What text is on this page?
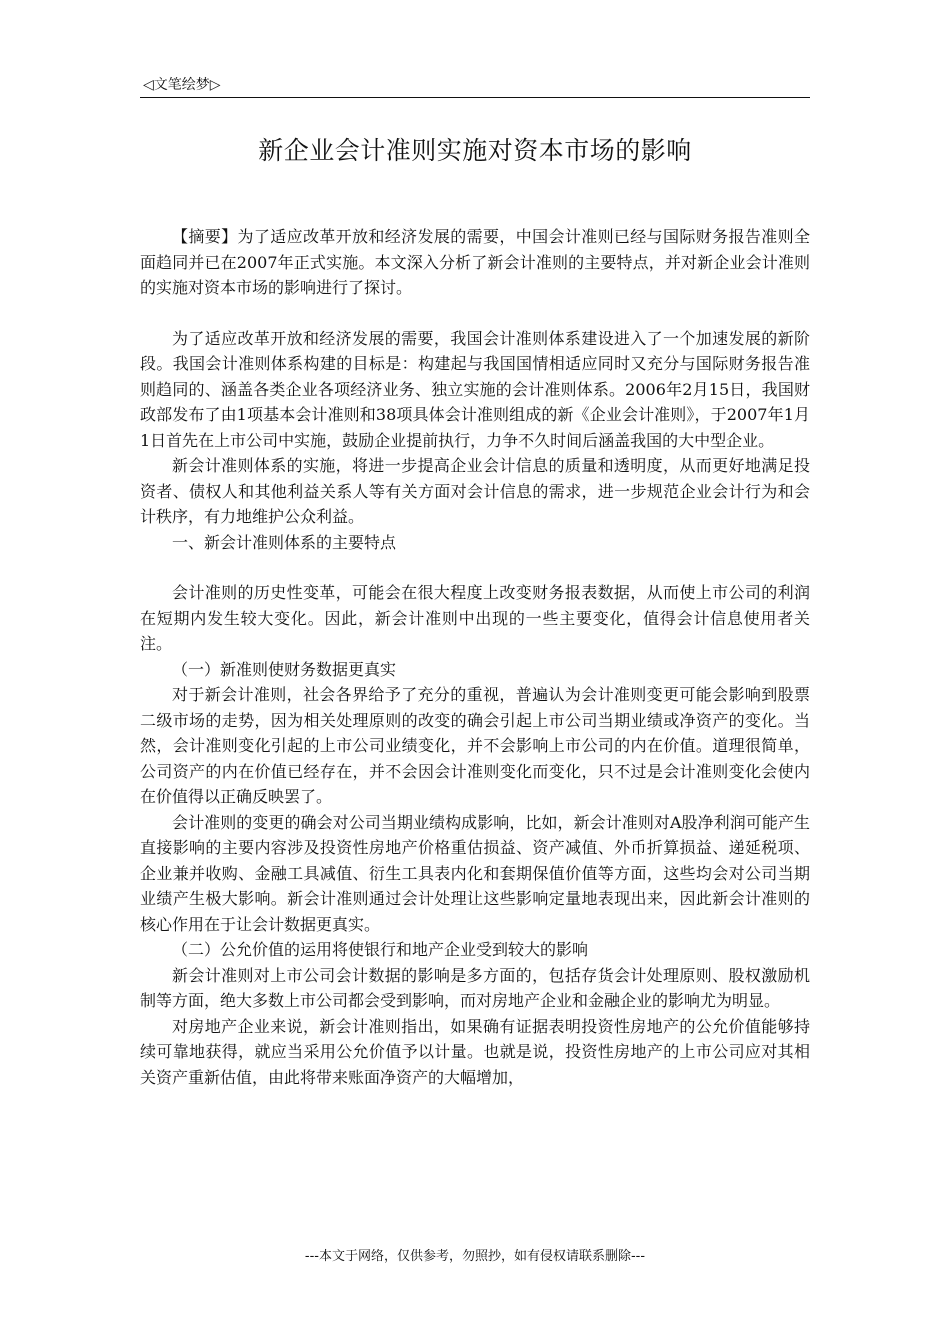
◁文笔绘梦▷
新企业会计准则实施对资本市场的影响

【摘要】为了适应改革开放和经济发展的需要，中国会计准则已经与国际财务报告准则全面趋同并已在2007年正式实施。本文深入分析了新会计准则的主要特点，并对新企业会计准则的实施对资本市场的影响进行了探讨。

为了适应改革开放和经济发展的需要，我国会计准则体系建设进入了一个加速发展的新阶段。我国会计准则体系构建的目标是：构建起与我国国情相适应同时又充分与国际财务报告准则趋同的、涵盖各类企业各项经济业务、独立实施的会计准则体系。2006年2月15日，我国财政部发布了由1项基本会计准则和38项具体会计准则组成的新《企业会计准则》，于2007年1月1日首先在上市公司中实施，鼓励企业提前执行，力争不久时间后涵盖我国的大中型企业。

新会计准则体系的实施，将进一步提高企业会计信息的质量和透明度，从而更好地满足投资者、债权人和其他利益关系人等有关方面对会计信息的需求，进一步规范企业会计行为和会计秩序，有力地维护公众利益。

一、新会计准则体系的主要特点

会计准则的历史性变革，可能会在很大程度上改变财务报表数据，从而使上市公司的利润在短期内发生较大变化。因此，新会计准则中出现的一些主要变化，值得会计信息使用者关注。

（一）新准则使财务数据更真实

对于新会计准则，社会各界给予了充分的重视，普遍认为会计准则变更可能会影响到股票二级市场的走势，因为相关处理原则的改变的确会引起上市公司当期业绩或净资产的变化。当然，会计准则变化引起的上市公司业绩变化，并不会影响上市公司的内在价值。道理很简单，公司资产的内在价值已经存在，并不会因会计准则变化而变化，只不过是会计准则变化会使内在价值得以正确反映罢了。

会计准则的变更的确会对公司当期业绩构成影响，比如，新会计准则对A股净利润可能产生直接影响的主要内容涉及投资性房地产价格重估损益、资产减值、外币折算损益、递延税项、企业兼并收购、金融工具减值、衍生工具表内化和套期保值价值等方面，这些均会对公司当期业绩产生极大影响。新会计准则通过会计处理让这些影响定量地表现出来，因此新会计准则的核心作用在于让会计数据更真实。

（二）公允价值的运用将使银行和地产企业受到较大的影响

新会计准则对上市公司会计数据的影响是多方面的，包括存货会计处理原则、股权激励机制等方面，绝大多数上市公司都会受到影响，而对房地产企业和金融企业的影响尤为明显。

对房地产企业来说，新会计准则指出，如果确有证据表明投资性房地产的公允价值能够持续可靠地获得，就应当采用公允价值予以计量。也就是说，投资性房地产的上市公司应对其相关资产重新估值，由此将带来账面净资产的大幅增加，

---本文于网络，仅供参考，勿照抄，如有侵权请联系删除---
